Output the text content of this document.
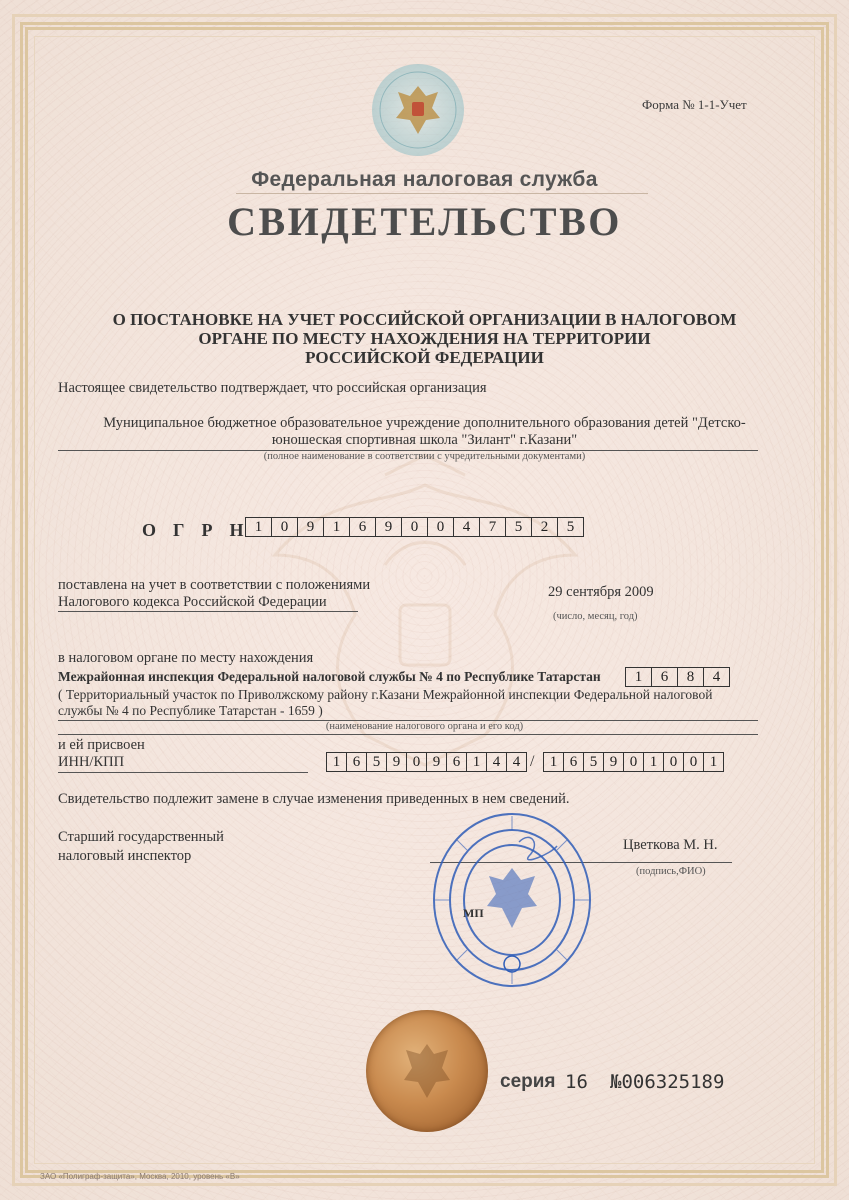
Форма № 1-1-Учет
Федеральная налоговая служба
СВИДЕТЕЛЬСТВО
О ПОСТАНОВКЕ НА УЧЕТ РОССИЙСКОЙ ОРГАНИЗАЦИИ В НАЛОГОВОМ
ОРГАНЕ ПО МЕСТУ НАХОЖДЕНИЯ НА ТЕРРИТОРИИ
РОССИЙСКОЙ ФЕДЕРАЦИИ
Настоящее свидетельство подтверждает, что российская организация
Муниципальное бюджетное образовательное учреждение дополнительного образования детей "Детско-
юношеская спортивная школа "Зилант" г.Казани"
(полное наименование в соответствии с учредительными документами)
О Г Р Н 1	0	9	1	6	9	0	0	4	7	5	2	5
поставлена на учет в соответствии с положениями
Налогового кодекса Российской Федерации
29 сентября 2009
(число, месяц, год)
в налоговом органе по месту нахождения
Межрайонная инспекция Федеральной налоговой службы № 4 по Республике Татарстан	1	6	8	4
( Территориальный участок по Приволжскому району г.Казани Межрайонной инспекции Федеральной налоговой
службы № 4 по Республике Татарстан - 1659 )
(наименование налогового органа и его код)
и ей присвоен
ИНН/КПП	1 6 5 9 0 9 6 1 4 4 /	1 6 5 9 0 1 0 0 1
Свидетельство подлежит замене в случае изменения приведенных в нем сведений.
Старший государственный
налоговый инспектор
Цветкова М. Н.
(подпись,ФИО)
МП
серия 16 №006325189
ЗАО «Полиграф-защита», Москва, 2010, уровень «В»
